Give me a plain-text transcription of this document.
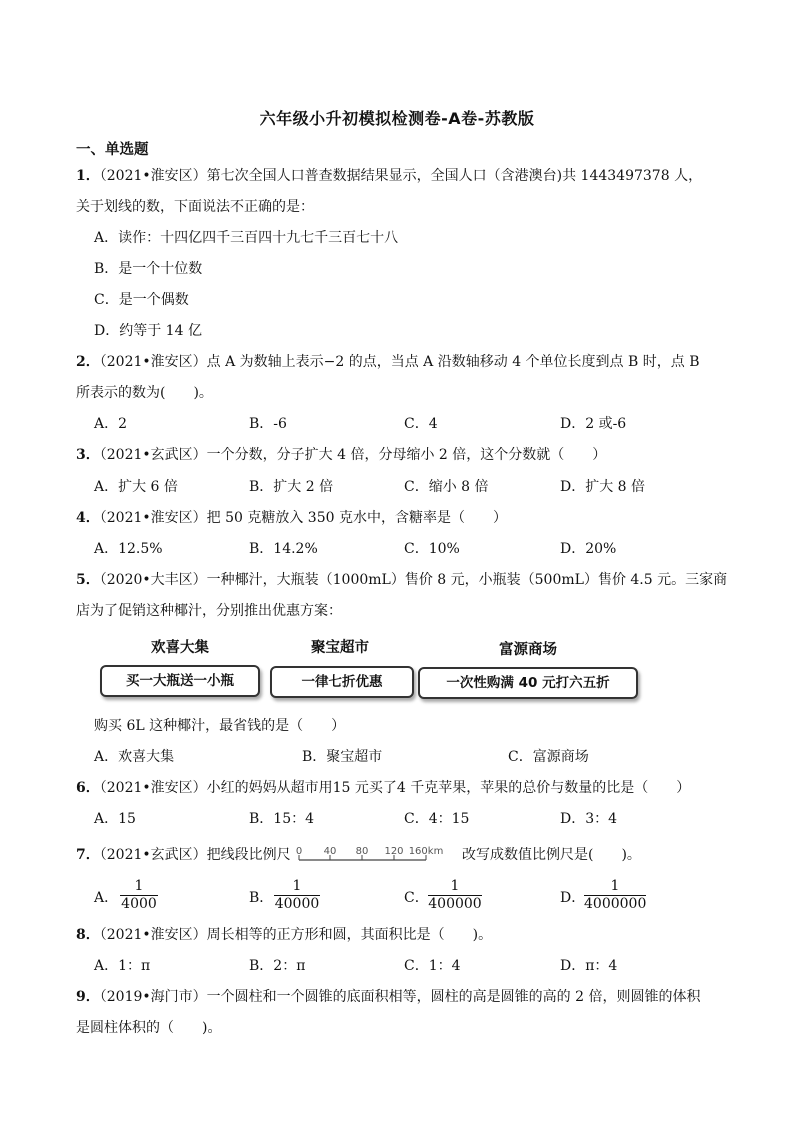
六年级小升初模拟检测卷-A卷-苏教版
一、单选题
1．（2021•淮安区）第七次全国人口普查数据结果显示，全国人口（含港澳台)共 1443497378 人，
关于划线的数，下面说法不正确的是：
A．读作：十四亿四千三百四十九七千三百七十八
B．是一个十位数
C．是一个偶数
D．约等于 14 亿
2．（2021•淮安区）点 A 为数轴上表示−2 的点，当点 A 沿数轴移动 4 个单位长度到点 B 时，点 B
所表示的数为(　　)。
A．2	B．-6	C．4	D．2 或-6
3．（2021•玄武区）一个分数，分子扩大 4 倍，分母缩小 2 倍，这个分数就（　　）
A．扩大 6 倍	B．扩大 2 倍	C．缩小 8 倍	D．扩大 8 倍
4．（2021•淮安区）把 50 克糖放入 350 克水中，含糖率是（　　）
A．12.5%	B．14.2%	C．10%	D．20%
5．（2020•大丰区）一种椰汁，大瓶装（1000mL）售价 8 元，小瓶装（500mL）售价 4.5 元。三家商
店为了促销这种椰汁，分别推出优惠方案：
欢喜大集	聚宝超市	富源商场
买一大瓶送一小瓶	一律七折优惠	一次性购满 40 元打六五折
购买 6L 这种椰汁，最省钱的是（　　）
A．欢喜大集	B．聚宝超市	C．富源商场
6．（2021•淮安区）小红的妈妈从超市用15 元买了4 千克苹果，苹果的总价与数量的比是（　　）
A．15	B．15：4	C．4：15	D．3：4
7．（2021•玄武区）把线段比例尺 0 40 80 120 160km 改写成数值比例尺是(　　)。
A．
1
4000	B．
1
40000	C．
1
400000	D．
1
4000000
8．（2021•淮安区）周长相等的正方形和圆，其面积比是（　　)。
A．1：π	B．2：π	C．1：4	D．π：4
9．（2019•海门市）一个圆柱和一个圆锥的底面积相等，圆柱的高是圆锥的高的 2 倍，则圆锥的体积
是圆柱体积的（　　)。
